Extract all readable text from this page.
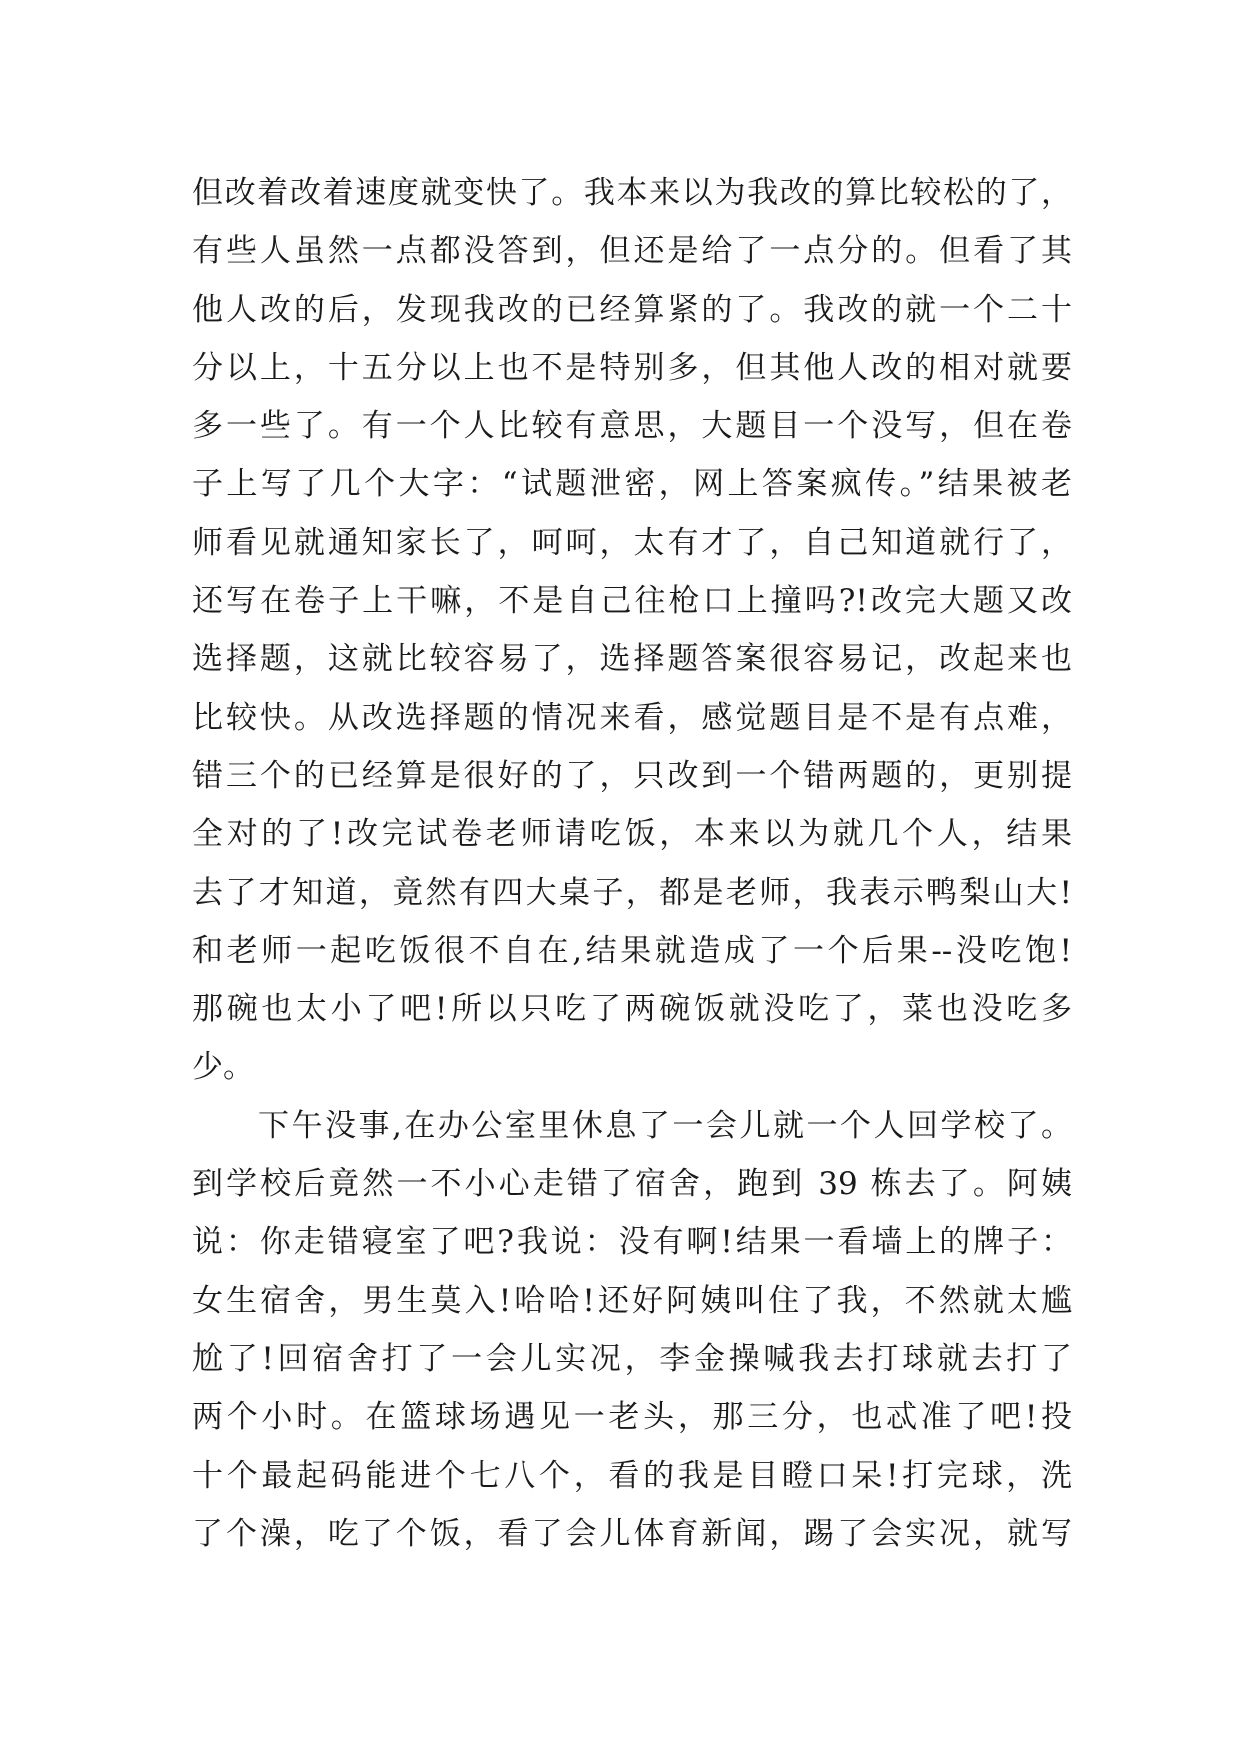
但改着改着速度就变快了。我本来以为我改的算比较松的了，
有些人虽然一点都没答到，但还是给了一点分的。但看了其
他人改的后，发现我改的已经算紧的了。我改的就一个二十
分以上，十五分以上也不是特别多，但其他人改的相对就要
多一些了。有一个人比较有意思，大题目一个没写，但在卷
子上写了几个大字：“试题泄密，网上答案疯传。”结果被老
师看见就通知家长了，呵呵，太有才了，自己知道就行了，
还写在卷子上干嘛，不是自己往枪口上撞吗?!改完大题又改
选择题，这就比较容易了，选择题答案很容易记，改起来也
比较快。从改选择题的情况来看，感觉题目是不是有点难，
错三个的已经算是很好的了，只改到一个错两题的，更别提
全对的了!改完试卷老师请吃饭，本来以为就几个人，结果
去了才知道，竟然有四大桌子，都是老师，我表示鸭梨山大!
和老师一起吃饭很不自在,结果就造成了一个后果--没吃饱!
那碗也太小了吧!所以只吃了两碗饭就没吃了，菜也没吃多
少。
下午没事,在办公室里休息了一会儿就一个人回学校了。
到学校后竟然一不小心走错了宿舍，跑到 39 栋去了。阿姨
说：你走错寝室了吧?我说：没有啊!结果一看墙上的牌子：
女生宿舍，男生莫入!哈哈!还好阿姨叫住了我，不然就太尴
尬了!回宿舍打了一会儿实况，李金操喊我去打球就去打了
两个小时。在篮球场遇见一老头，那三分，也忒准了吧!投
十个最起码能进个七八个，看的我是目瞪口呆!打完球，洗
了个澡，吃了个饭，看了会儿体育新闻，踢了会实况，就写
